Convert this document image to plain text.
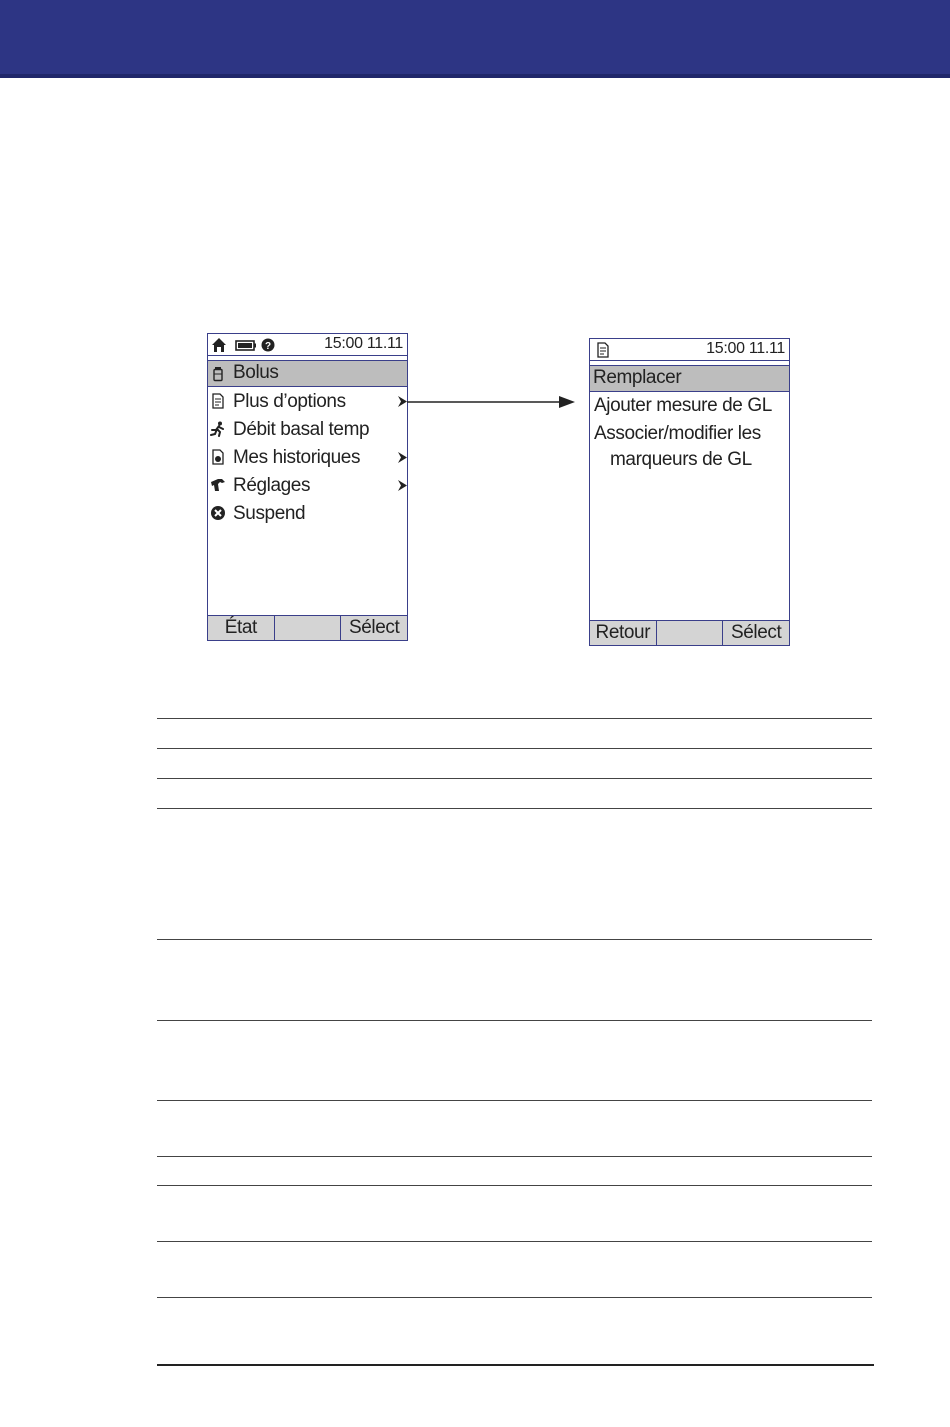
?	15:00 11.11
Bolus
Plus d’options
Débit basal temp
Mes historiques
Réglages
Suspend
État	Sélect
15:00 11.11
Remplacer
Ajouter mesure de GL
Associer/modifier les
marqueurs de GL
Retour	Sélect
